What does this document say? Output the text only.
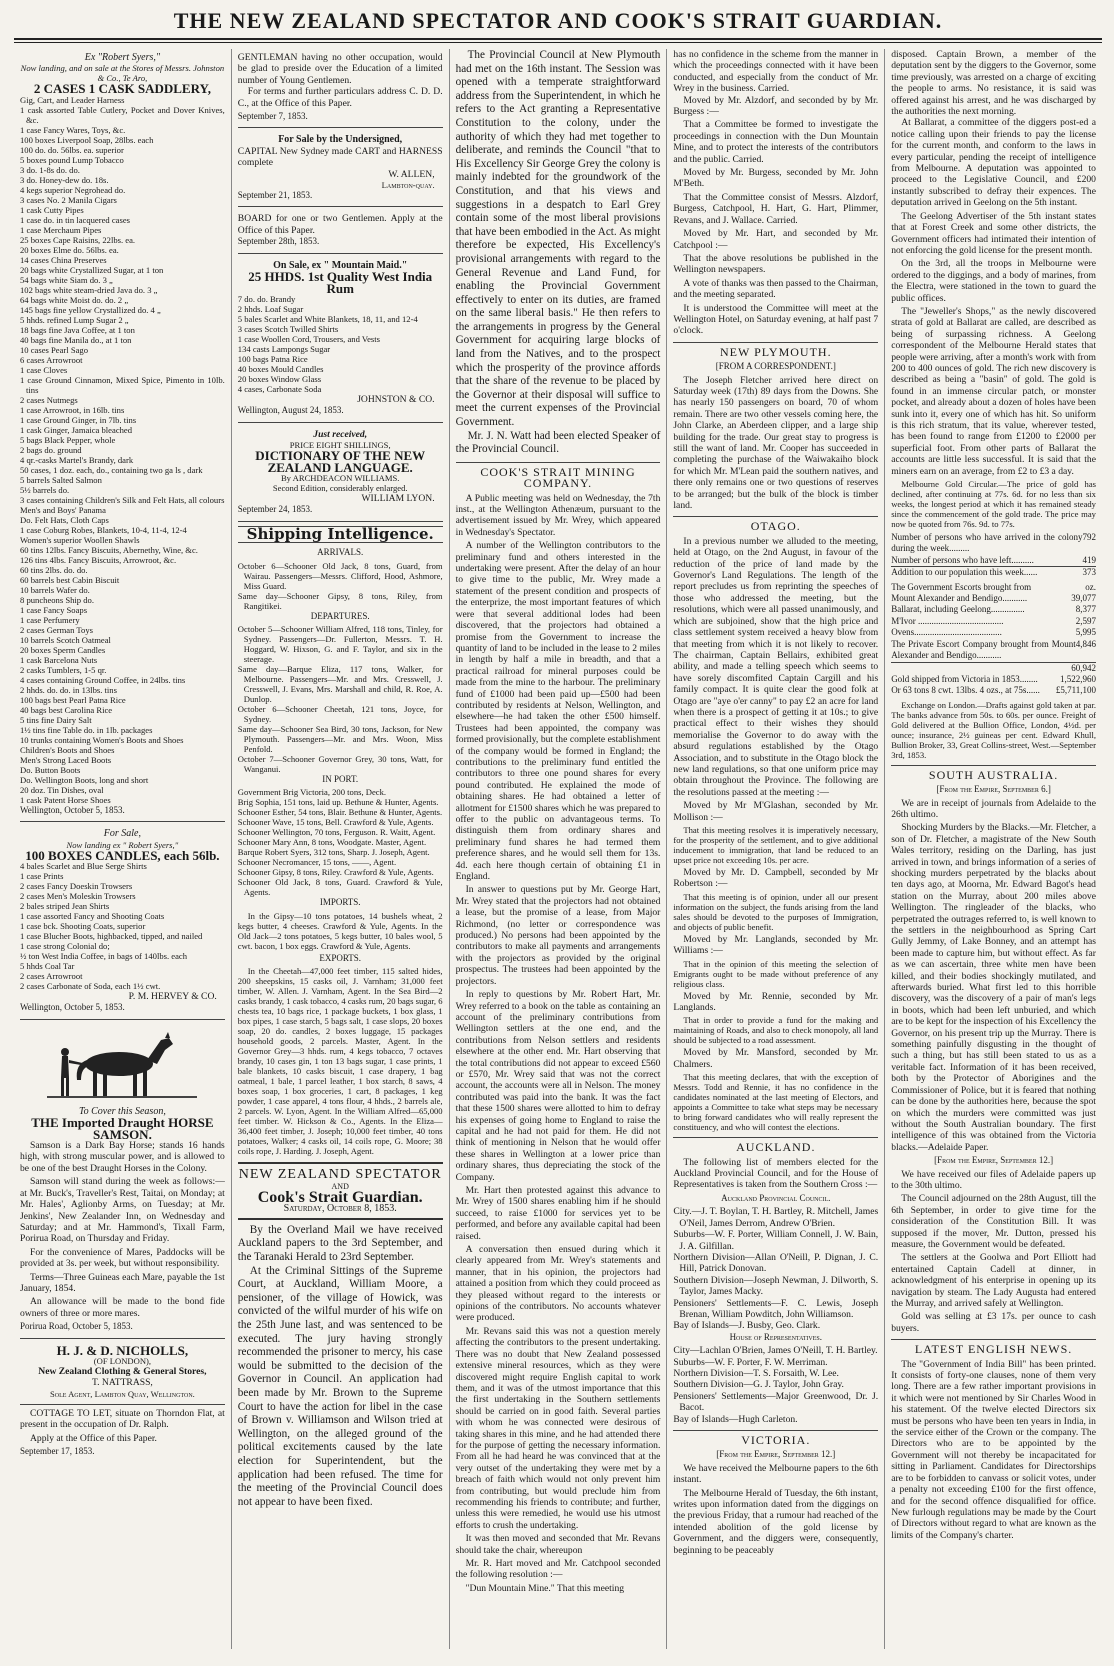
THE NEW ZEALAND SPECTATOR AND COOK'S STRAIT GUARDIAN.
Ex "Robert Syers,"
Now landing, and on sale at the Stores of Messrs. Johnston & Co., Te Aro,
2 CASES 1 CASK SADDLERY,
Gig, Cart, and Leader Harness
1 cask assorted Table Cutlery, Pocket and Dover Knives, &c.
1 case Fancy Wares, Toys, &c.
100 boxes Liverpool Soap, 28lbs. each
100 do. do. 56lbs. ea. superior
5 boxes pound Lump Tobacco
3 do. 1-8s do. do.
3 do. Honey-dew do. 18s.
4 kegs superior Negrohead do.
3 cases No. 2 Manila Cigars
1 cask Cutty Pipes
1 case do. in tin lacquered cases
1 case Merchaum Pipes
25 boxes Cape Raisins, 22lbs. ea.
20 boxes Elme do. 56lbs. ea.
14 cases China Preserves
20 bags white Crystallized Sugar, at 1 ton
54 bags white Siam do. 3 „
102 bags white steam-dried Java do. 3 „
64 bags white Moist do. do. 2 „
145 bags fine yellow Crystallized do. 4 „
5 hhds. refined Lump Sugar 2 „
18 bags fine Java Coffee, at 1 ton
40 bags fine Manila do., at 1 ton
10 cases Pearl Sago
6 cases Arrowroot
1 case Cloves
1 case Ground Cinnamon, Mixed Spice, Pimento in 10lb. tins
2 cases Nutmegs
1 case Arrowroot, in 16lb. tins
1 case Ground Ginger, in 7lb. tins
1 cask Ginger, Jamaica bleached
5 bags Black Pepper, whole
2 bags do. ground
4 qr.-casks Martel's Brandy, dark
50 cases, 1 doz. each, do., containing two ga ls , dark
5 barrels Salted Salmon
5½ barrels do.
3 cases containing Children's Silk and Felt Hats, all colours
Men's and Boys' Panama
Do. Felt Hats, Cloth Caps
1 case Coburg Robes, Blankets, 10-4, 11-4, 12-4
Women's superior Woollen Shawls
60 tins 12lbs. Fancy Biscuits, Abernethy, Wine, &c.
126 tins 4lbs. Fancy Biscuits, Arrowroot, &c.
60 tins 2lbs. do. do.
60 barrels best Cabin Biscuit
10 barrels Wafer do.
8 puncheons Ship do.
1 case Fancy Soaps
1 case Perfumery
2 cases German Toys
10 barrels Scotch Oatmeal
20 boxes Sperm Candles
1 cask Barcelona Nuts
2 casks Tumblers, 1-5 qr.
4 cases containing Ground Coffee, in 24lbs. tins
2 hhds. do. do. in 13lbs. tins
100 bags best Pearl Patna Rice
40 bags best Carolina Rice
5 tins fine Dairy Salt
1½ tins fine Table do. in 1lb. packages
10 trunks containing Women's Boots and Shoes
Children's Boots and Shoes
Men's Strong Laced Boots
Do. Button Boots
Do. Wellington Boots, long and short
20 doz. Tin Dishes, oval
1 cask Patent Horse Shoes
Wellington, October 5, 1853.
For Sale,
Now landing ex " Robert Syers,"
100 BOXES CANDLES, each 56lb.
4 bales Scarlet and Blue Serge Shirts
1 case Prints
2 cases Fancy Doeskin Trowsers
2 cases Men's Moleskin Trowsers
2 bales striped Jean Shirts
1 case assorted Fancy and Shooting Coats
1 case bck. Shooting Coats, superior
1 case Blucher Boots, highbacked, tipped, and nailed
1 case strong Colonial do;
½ ton West India Coffee, in bags of 140lbs. each
5 hhds Coal Tar
2 cases Arrowroot
2 cases Carbonate of Soda, each 1½ cwt.
P. M. HERVEY & CO.
Wellington, October 5, 1853.
To Cover this Season,
THE Imported Draught HORSE SAMSON.

Samson is a Dark Bay Horse; stands 16 hands high, with strong muscular power, and is allowed to be one of the best Draught Horses in the Colony.

Samson will stand during the week as follows:—at Mr. Buck's, Traveller's Rest, Taitai, on Monday; at Mr. Hales', Aglionby Arms, on Tuesday; at Mr. Jenkins', New Zealander Inn, on Wednesday and Saturday; and at Mr. Hammond's, Tixall Farm, Porirua Road, on Thursday and Friday.

For the convenience of Mares, Paddocks will be provided at 3s. per week, but without responsibility.

Terms—Three Guineas each Mare, payable the 1st January, 1854.

An allowance will be made to the bond fide owners of three or more mares.

Porirua Road, October 5, 1853.
H. J. & D. NICHOLLS,
(OF LONDON),
New Zealand Clothing & General Stores,
T. NATTRASS,
Sole Agent, Lambton Quay, Wellington.

COTTAGE TO LET, situate on Thorndon Flat, at present in the occupation of Dr. Ralph.

Apply at the Office of this Paper.

September 17, 1853.

GENTLEMAN having no other occupation, would be glad to preside over the Education of a limited number of Young Gentlemen.

For terms and further particulars address C. D. D. C., at the Office of this Paper.

September 7, 1853.
For Sale by the Undersigned,

CAPITAL New Sydney made CART and HARNESS complete

W. ALLEN,
Lambton-quay.
September 21, 1853.

BOARD for one or two Gentlemen. Apply at the Office of this Paper.

September 28th, 1853.
On Sale, ex " Mountain Maid."
25 HHDS. 1st Quality West India Rum
7 do. do. Brandy
2 hhds. Loaf Sugar
5 bales Scarlet and White Blankets, 18, 11, and 12-4
3 cases Scotch Twilled Shirts
1 case Woollen Cord, Trousers, and Vests
134 casts Lampongs Sugar
100 bags Patna Rice
40 boxes Mould Candles
20 boxes Window Glass
4 cases, Carbonate Soda
JOHNSTON & CO.
Wellington, August 24, 1853.
Just received,
PRICE EIGHT SHILLINGS,
DICTIONARY OF THE NEW ZEALAND LANGUAGE.
By ARCHDEACON WILLIAMS.
Second Edition, considerably enlarged.
WILLIAM LYON.
September 24, 1853.
Shipping Intelligence.
ARRIVALS.
October 6—Schooner Old Jack, 8 tons, Guard, from Wairau. Passengers—Messrs. Clifford, Hood, Ashmore, Miss Guard.
Same day—Schooner Gipsy, 8 tons, Riley, from Rangitikei.
DEPARTURES.
October 5—Schooner William Alfred, 118 tons, Tinley, for Sydney. Passengers—Dr. Fullerton, Messrs. T. H. Hoggard, W. Hixson, G. and F. Taylor, and six in the steerage.
Same day—Barque Eliza, 117 tons, Walker, for Melbourne. Passengers—Mr. and Mrs. Cresswell, J. Cresswell, J. Evans, Mrs. Marshall and child, R. Roe, A. Dunlop.
October 6—Schooner Cheetah, 121 tons, Joyce, for Sydney.
Same day—Schooner Sea Bird, 30 tons, Jackson, for New Plymouth. Passengers—Mr. and Mrs. Woon, Miss Penfold.
October 7—Schooner Governor Grey, 30 tons, Watt, for Wanganui.
IN PORT.
Government Brig Victoria, 200 tons, Deck.
Brig Sophia, 151 tons, laid up. Bethune & Hunter, Agents.
Schooner Esther, 54 tons, Blair. Bethune & Hunter, Agents.
Schooner Wave, 15 tons, Bell. Crawford & Yule, Agents.
Schooner Wellington, 70 tons, Ferguson. R. Waitt, Agent.
Schooner Mary Ann, 8 tons, Woodgate. Master, Agent.
Barque Robert Syers, 312 tons, Sharp. J. Joseph, Agent.
Schooner Necromancer, 15 tons, ——, Agent.
Schooner Gipsy, 8 tons, Riley. Crawford & Yule, Agents.
Schooner Old Jack, 8 tons, Guard. Crawford & Yule, Agents.
IMPORTS.

In the Gipsy—10 tons potatoes, 14 bushels wheat, 2 kegs butter, 4 cheeses. Crawford & Yule, Agents. In the Old Jack—2 tons potatoes, 5 kegs butter, 10 bales wool, 5 cwt. bacon, 1 box eggs. Crawford & Yule, Agents.

EXPORTS.

In the Cheetah—47,000 feet timber, 115 salted hides, 200 sheepskins, 15 casks oil, J. Varnham; 31,000 feet timber, W. Allen. J. Varnham, Agent. In the Sea Bird—2 casks brandy, 1 cask tobacco, 4 casks rum, 20 bags sugar, 6 chests tea, 10 bags rice, 1 package buckets, 1 box glass, 1 box pipes, 1 case starch, 5 bags salt, 1 case slops, 20 boxes soap, 20 do. candles, 2 boxes luggage, 15 packages household goods, 2 parcels. Master, Agent. In the Governor Grey—3 hhds. rum, 4 kegs tobacco, 7 octaves brandy, 10 cases gin, 1 ton 13 bags sugar, 1 case prints, 1 bale blankets, 10 casks biscuit, 1 case drapery, 1 bag oatmeal, 1 bale, 1 parcel leather, 1 box starch, 8 saws, 4 boxes soap, 1 box groceries, 1 cart, 8 packages, 1 keg powder, 1 case apparel, 4 tons flour, 4 hhds., 2 barrels ale, 2 parcels. W. Lyon, Agent. In the William Alfred—65,000 feet timber. W. Hickson & Co., Agents. In the Eliza—36,400 feet timber, J. Joseph; 10,000 feet timber, 40 tons potatoes, Walker; 4 casks oil, 14 coils rope, G. Moore; 38 coils rope, J. Harding. J. Joseph, Agent.

NEW ZEALAND SPECTATOR
AND
Cook's Strait Guardian.
Saturday, October 8, 1853.

By the Overland Mail we have received Auckland papers to the 3rd September, and the Taranaki Herald to 23rd September.

At the Criminal Sittings of the Supreme Court, at Auckland, William Moore, a pensioner, of the village of Howick, was convicted of the wilful murder of his wife on the 25th June last, and was sentenced to be executed. The jury having strongly recommended the prisoner to mercy, his case would be submitted to the decision of the Governor in Council. An application had been made by Mr. Brown to the Supreme Court to have the action for libel in the case of Brown v. Williamson and Wilson tried at Wellington, on the alleged ground of the political excitements caused by the late election for Superintendent, but the application had been refused. The time for the meeting of the Provincial Council does not appear to have been fixed.

The Provincial Council at New Plymouth had met on the 16th instant. The Session was opened with a temperate straightforward address from the Superintendent, in which he refers to the Act granting a Representative Constitution to the colony, under the authority of which they had met together to deliberate, and reminds the Council "that to His Excellency Sir George Grey the colony is mainly indebted for the groundwork of the Constitution, and that his views and suggestions in a despatch to Earl Grey contain some of the most liberal provisions that have been embodied in the Act. As might therefore be expected, His Excellency's provisional arrangements with regard to the General Revenue and Land Fund, for enabling the Provincial Government effectively to enter on its duties, are framed on the same liberal basis." He then refers to the arrangements in progress by the General Government for acquiring large blocks of land from the Natives, and to the prospect which the prosperity of the province affords that the share of the revenue to be placed by the Governor at their disposal will suffice to meet the current expenses of the Provincial Government.

Mr. J. N. Watt had been elected Speaker of the Provincial Council.

COOK'S STRAIT MINING COMPANY.

A Public meeting was held on Wednesday, the 7th inst., at the Wellington Athenæum, pursuant to the advertisement issued by Mr. Wrey, which appeared in Wednesday's Spectator.

A number of the Wellington contributors to the preliminary fund and others interested in the undertaking were present. After the delay of an hour to give time to the public, Mr. Wrey made a statement of the present condition and prospects of the enterprize, the most important features of which were that several additional lodes had been discovered, that the projectors had obtained a promise from the Government to increase the quantity of land to be included in the lease to 2 miles in length by half a mile in breadth, and that a practical railroad for mineral purposes could be made from the mine to the harbour. The preliminary fund of £1000 had been paid up—£500 had been contributed by residents at Nelson, Wellington, and elsewhere—he had taken the other £500 himself. Trustees had been appointed, the company was formed provisionally, but the complete establishment of the company would be formed in England; the contributions to the preliminary fund entitled the contributors to three one pound shares for every pound contributed. He explained the mode of obtaining shares. He had obtained a letter of allotment for £1500 shares which he was prepared to offer to the public on advantageous terms. To distinguish them from ordinary shares and preliminary fund shares he had termed them preference shares, and he would sell them for 13s. 4d. each here though certain of obtaining £1 in England.

In answer to questions put by Mr. George Hart, Mr. Wrey stated that the projectors had not obtained a lease, but the promise of a lease, from Major Richmond, (no letter or correspondence was produced.) No persons had been appointed by the contributors to make all payments and arrangements with the projectors as provided by the original prospectus. The trustees had been appointed by the projectors.

In reply to questions by Mr. Robert Hart, Mr. Wrey referred to a book on the table as containing an account of the preliminary contributions from Wellington settlers at the one end, and the contributions from Nelson settlers and residents elsewhere at the other end. Mr. Hart observing that the total contributions did not appear to exceed £560 or £570, Mr. Wrey said that was not the correct account, the accounts were all in Nelson. The money contributed was paid into the bank. It was the fact that these 1500 shares were allotted to him to defray his expenses of going home to England to raise the capital and he had not paid for them. He did not think of mentioning in Nelson that he would offer these shares in Wellington at a lower price than ordinary shares, thus depreciating the stock of the Company.

Mr. Hart then protested against this advance to Mr. Wrey of 1500 shares enabling him if he should succeed, to raise £1000 for services yet to be performed, and before any available capital had been raised.

A conversation then ensued during which it clearly appeared from Mr. Wrey's statements and manner, that in his opinion, the projectors had attained a position from which they could proceed as they pleased without regard to the interests or opinions of the contributors. No accounts whatever were produced.

Mr. Revans said this was not a question merely affecting the contributors to the present undertaking. There was no doubt that New Zealand possessed extensive mineral resources, which as they were discovered might require English capital to work them, and it was of the utmost importance that this the first undertaking in the Southern settlements should be carried on in good faith. Several parties with whom he was connected were desirous of taking shares in this mine, and he had attended there for the purpose of getting the necessary information. From all he had heard he was convinced that at the very outset of the undertaking they were met by a breach of faith which would not only prevent him from contributing, but would preclude him from recommending his friends to contribute; and further, unless this were remedied, he would use his utmost efforts to crush the undertaking.

It was then moved and seconded that Mr. Revans should take the chair, whereupon

Mr. R. Hart moved and Mr. Catchpool seconded the following resolution :—

"Dun Mountain Mine." That this meeting

has no confidence in the scheme from the manner in which the proceedings connected with it have been conducted, and especially from the conduct of Mr. Wrey in the business. Carried.

Moved by Mr. Alzdorf, and seconded by by Mr. Burgess :—

That a Committee be formed to investigate the proceedings in connection with the Dun Mountain Mine, and to protect the interests of the contributors and the public. Carried.

Moved by Mr. Burgess, seconded by Mr. John M'Beth.

That the Committee consist of Messrs. Alzdorf, Burgess, Catchpool, H. Hart, G. Hart, Plimmer, Revans, and J. Wallace. Carried.

Moved by Mr. Hart, and seconded by Mr. Catchpool :—

That the above resolutions be published in the Wellington newspapers.

A vote of thanks was then passed to the Chairman, and the meeting separated.

It is understood the Committee will meet at the Wellington Hotel, on Saturday evening, at half past 7 o'clock.

NEW PLYMOUTH.
[FROM A CORRESPONDENT.]

The Joseph Fletcher arrived here direct on Saturday week (17th) 89 days from the Downs. She has nearly 150 passengers on board, 70 of whom remain. There are two other vessels coming here, the John Clarke, an Aberdeen clipper, and a large ship building for the trade. Our great stay to progress is still the want of land. Mr. Cooper has succeeded in completing the purchase of the Waiwakaiho block for which Mr. M'Lean paid the southern natives, and there only remains one or two questions of reserves to be arranged; but the bulk of the block is timber land.

OTAGO.

In a previous number we alluded to the meeting, held at Otago, on the 2nd August, in favour of the reduction of the price of land made by the Governor's Land Regulations. The length of the report precludes us from reprinting the speeches of those who addressed the meeting, but the resolutions, which were all passed unanimously, and which are subjoined, show that the high price and class settlement system received a heavy blow from that meeting from which it is not likely to recover. The chairman, Captain Bellairs, exhibited great ability, and made a telling speech which seems to have sorely discomfited Captain Cargill and his family compact. It is quite clear the good folk at Otago are "aye o'er canny" to pay £2 an acre for land when there is a prospect of getting it at 10s.; to give practical effect to their wishes they should memorialise the Governor to do away with the absurd regulations established by the Otago Association, and to substitute in the Otago block the new land regulations, so that one uniform price may obtain throughout the Province. The following are the resolutions passed at the meeting :—

Moved by Mr M'Glashan, seconded by Mr. Mollison :—

That this meeting resolves it is imperatively necessary, for the prosperity of the settlement, and to give additional inducement to immigration, that land be reduced to an upset price not exceeding 10s. per acre.

Moved by Mr. D. Campbell, seconded by Mr Robertson :—

That this meeting is of opinion, under all our present information on the subject, the funds arising from the land sales should be devoted to the purposes of Immigration, and objects of public benefit.

Moved by Mr. Langlands, seconded by Mr. Williams :—

That in the opinion of this meeting the selection of Emigrants ought to be made without preference of any religious class.

Moved by Mr. Rennie, seconded by Mr. Langlands.

That in order to provide a fund for the making and maintaining of Roads, and also to check monopoly, all land should be subjected to a road assessment.

Moved by Mr. Mansford, seconded by Mr. Chalmers.

That this meeting declares, that with the exception of Messrs. Todd and Rennie, it has no confidence in the candidates nominated at the last meeting of Electors, and appoints a Committee to take what steps may be necessary to bring forward candidates who will really represent the constituency, and who will contest the elections.

AUCKLAND.

The following list of members elected for the Auckland Provincial Council, and for the House of Representatives is taken from the Southern Cross :—

Auckland Provincial Council.
City.—J. T. Boylan, T. H. Bartley, R. Mitchell, James O'Neil, James Derrom, Andrew O'Brien.
Suburbs—W. F. Porter, William Connell, J. W. Bain, J. A. Gilfillan.
Northern Division—Allan O'Neill, P. Dignan, J. C. Hill, Patrick Donovan.
Southern Division—Joseph Newman, J. Dilworth, S. Taylor, James Macky.
Pensioners' Settlements—F. C. Lewis, Joseph Brenan, William Powditch, John Williamson.
Bay of Islands—J. Busby, Geo. Clark.
House of Representatives.
City—Lachlan O'Brien, James O'Neill, T. H. Bartley.
Suburbs—W. F. Porter, F. W. Merriman.
Northern Division—T. S. Forsaith, W. Lee.
Southern Division—G. J. Taylor, John Gray.
Pensioners' Settlements—Major Greenwood, Dr. J. Bacot.
Bay of Islands—Hugh Carleton.
VICTORIA.
[From the Empire, September 12.]

We have received the Melbourne papers to the 6th instant.

The Melbourne Herald of Tuesday, the 6th instant, writes upon information dated from the diggings on the previous Friday, that a rumour had reached of the intended abolition of the gold license by Government, and the diggers were, consequently, beginning to be peaceably

disposed. Captain Brown, a member of the deputation sent by the diggers to the Governor, some time previously, was arrested on a charge of exciting the people to arms. No resistance, it is said was offered against his arrest, and he was discharged by the authorities the next morning.

At Ballarat, a committee of the diggers post-ed a notice calling upon their friends to pay the license for the current month, and conform to the laws in every particular, pending the receipt of intelligence from Melbourne. A deputation was appointed to proceed to the Legislative Council, and £200 instantly subscribed to defray their expences. The deputation arrived in Geelong on the 5th instant.

The Geelong Advertiser of the 5th instant states that at Forest Creek and some other districts, the Government officers had intimated their intention of not enforcing the gold license for the present month.

On the 3rd, all the troops in Melbourne were ordered to the diggings, and a body of marines, from the Electra, were stationed in the town to guard the public offices.

The "Jeweller's Shops," as the newly discovered strata of gold at Ballarat are called, are described as being of surpassing richness. A Geelong correspondent of the Melbourne Herald states that people were arriving, after a month's work with from 200 to 400 ounces of gold. The rich new discovery is described as being a "basin" of gold. The gold is found in an immense circular patch, or monster pocket, and already about a dozen of holes have been sunk into it, every one of which has hit. So uniform is this rich stratum, that its value, wherever tested, has been found to range from £1200 to £2000 per superficial foot. From other parts of Ballarat the accounts are little less successful. It is said that the miners earn on an average, from £2 to £3 a day.

Melbourne Gold Circular.—The price of gold has declined, after continuing at 77s. 6d. for no less than six weeks, the longest period at which it has remained steady since the commencement of the gold trade. The price may now be quoted from 76s. 9d. to 77s.

Number of persons who have arrived in the colony during the week.........
792
Number of persons who have left..........	419
Addition to our population this week......	373
The Government Escorts brought from	oz.
Mount Alexander and Bendigo...........	39,077
Ballarat, including Geelong...............	8,377
M'Ivor ......................................	2,597
Ovens.......................................	5,995
The Private Escort Company brought from Mount Alexander and Bendigo...........
4,846
60,942
Gold shipped from Victoria in 1853........ 1,522,960
Or 63 tons 8 cwt. 13lbs. 4 ozs., at 75s...... £5,711,100

Exchange on London.—Drafts against gold taken at par. The banks advance from 50s. to 60s. per ounce. Freight of Gold delivered at the Bullion Office, London, 4½d. per ounce; insurance, 2½ guineas per cent. Edward Khull, Bullion Broker, 33, Great Collins-street, West.—September 3rd, 1853.

SOUTH AUSTRALIA.
[From the Empire, September 6.]

We are in receipt of journals from Adelaide to the 26th ultimo.

Shocking Murders by the Blacks.—Mr. Fletcher, a son of Dr. Fletcher, a magistrate of the New South Wales territory, residing on the Darling, has just arrived in town, and brings information of a series of shocking murders perpetrated by the blacks about ten days ago, at Moorna, Mr. Edward Bagot's head station on the Murray, about 200 miles above Wellington. The ringleader of the blacks, who perpetrated the outrages referred to, is well known to the settlers in the neighbourhood as Spring Cart Gully Jemmy, of Lake Bonney, and an attempt has been made to capture him, but without effect. As far as we can ascertain, three white men have been killed, and their bodies shockingly mutilated, and afterwards buried. What first led to this horrible discovery, was the discovery of a pair of man's legs in boots, which had been left unburied, and which are to be kept for the inspection of his Excellency the Governor, on his present trip up the Murray. There is something painfully disgusting in the thought of such a thing, but has still been stated to us as a veritable fact. Information of it has been received, both by the Protector of Aborigines and the Commissioner of Police, but it is feared that nothing can be done by the authorities here, because the spot on which the murders were committed was just without the South Australian boundary. The first intelligence of this was obtained from the Victoria blacks.—Adelaide Paper.

[From the Empire, September 12.]

We have received our files of Adelaide papers up to the 30th ultimo.

The Council adjourned on the 28th August, till the 6th September, in order to give time for the consideration of the Constitution Bill. It was supposed if the mover, Mr. Dutton, pressed his measure, the Government would be defeated.

The settlers at the Goolwa and Port Elliott had entertained Captain Cadell at dinner, in acknowledgment of his enterprise in opening up its navigation by steam. The Lady Augusta had entered the Murray, and arrived safely at Wellington.

Gold was selling at £3 17s. per ounce to cash buyers.

LATEST ENGLISH NEWS.

The "Government of India Bill" has been printed. It consists of forty-one clauses, none of them very long. There are a few rather important provisions in it which were not mentioned by Sir Charles Wood in his statement. Of the twelve elected Directors six must be persons who have been ten years in India, in the service either of the Crown or the company. The Directors who are to be appointed by the Government will not thereby be incapacitated for sitting in Parliament. Candidates for Directorships are to be forbidden to canvass or solicit votes, under a penalty not exceeding £100 for the first offence, and for the second offence disqualified for office. New furlough regulations may be made by the Court of Directors without regard to what are known as the limits of the Company's charter.
